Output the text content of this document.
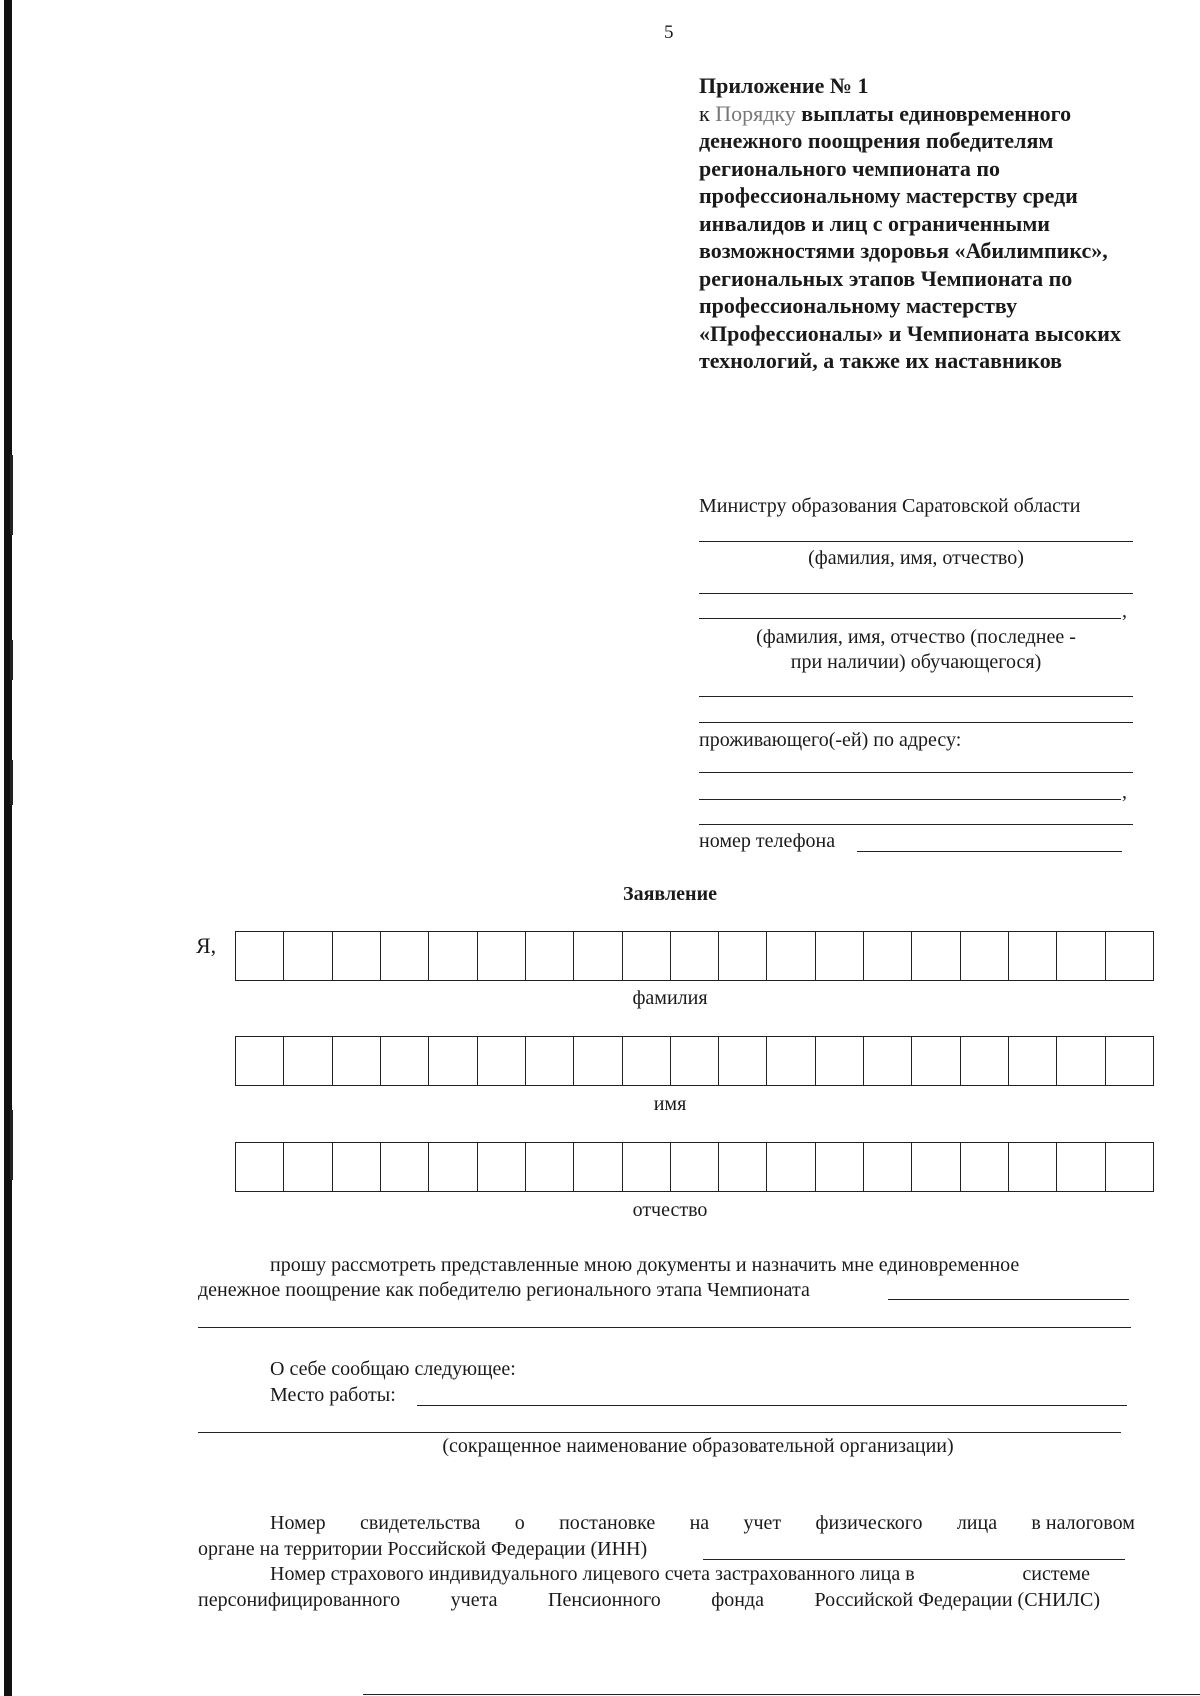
5
Приложение № 1
к Порядку выплаты единовременного денежного поощрения победителям регионального чемпионата по профессиональному мастерству среди инвалидов и лиц с ограниченными возможностями здоровья «Абилимпикс», региональных этапов Чемпионата по профессиональному мастерству «Профессионалы» и Чемпионата высоких технологий, а также их наставников
Министру образования Саратовской области
(фамилия, имя, отчество)
,
(фамилия, имя, отчество (последнее -
при наличии) обучающегося)
проживающего(-ей) по адресу:
,
номер телефона
Заявление
Я,
фамилия
имя
отчество
прошу рассмотреть представленные мною документы и назначить мне единовременное
денежное поощрение как победителю регионального этапа Чемпионата
О себе сообщаю следующее:
Место работы:
(сокращенное наименование образовательной организации)
Номер свидетельства о постановке на учет физического лица в налоговом
органе на территории Российской Федерации (ИНН)
Номер страхового индивидуального лицевого счета застрахованного лица в	системе
персонифицированного	учета	Пенсионного	фонда	Российской Федерации (СНИЛС)
